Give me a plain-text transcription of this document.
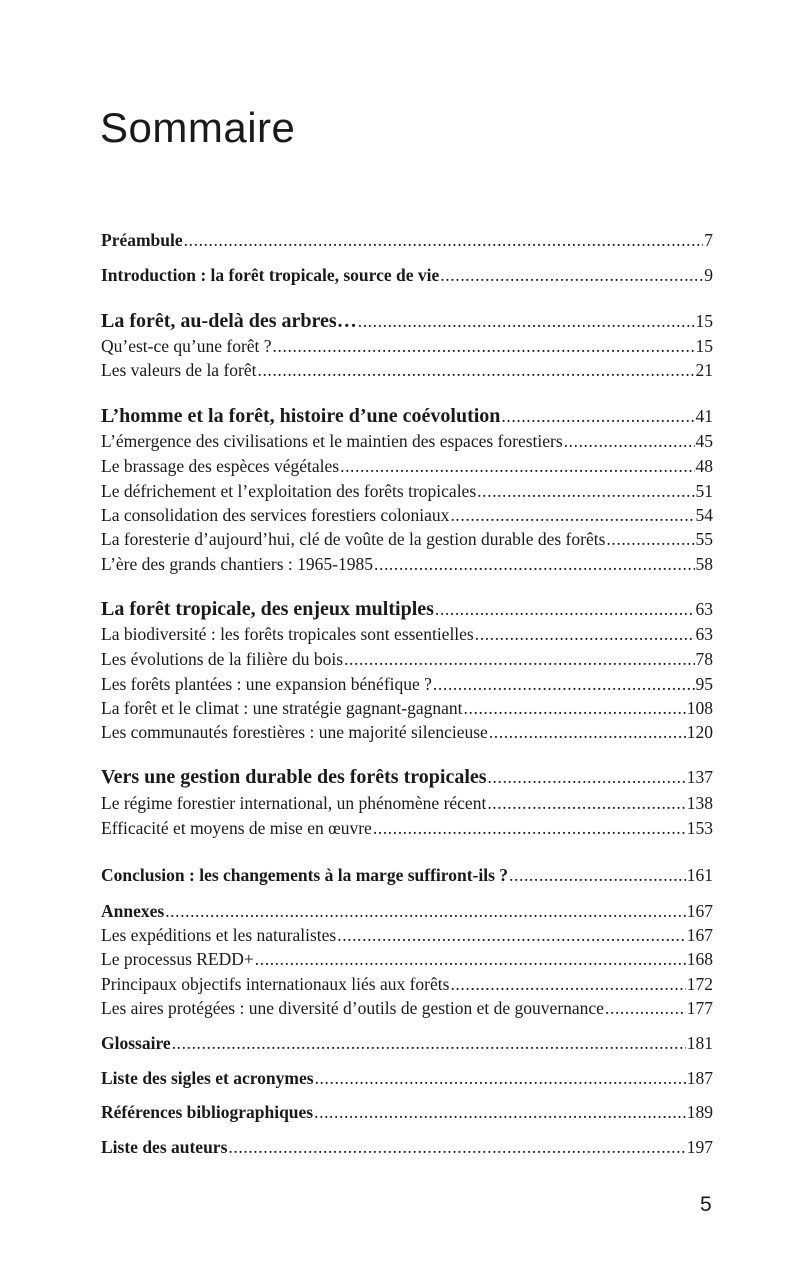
Sommaire
Préambule .....	7
Introduction : la forêt tropicale, source de vie .....	9
La forêt, au-delà des arbres… .....	15
Qu’est-ce qu’une forêt ? .....	15
Les valeurs de la forêt .....	21
L’homme et la forêt, histoire d’une coévolution .....	41
L’émergence des civilisations et le maintien des espaces forestiers .....	45
Le brassage des espèces végétales .....	48
Le défrichement et l’exploitation des forêts tropicales .....	51
La consolidation des services forestiers coloniaux .....	54
La foresterie d’aujourd’hui, clé de voûte de la gestion durable des forêts .....	55
L’ère des grands chantiers : 1965-1985 .....	58
La forêt tropicale, des enjeux multiples .....	63
La biodiversité : les forêts tropicales sont essentielles .....	63
Les évolutions de la filière du bois .....	78
Les forêts plantées : une expansion bénéfique ? .....	95
La forêt et le climat : une stratégie gagnant-gagnant .....	108
Les communautés forestières : une majorité silencieuse .....	120
Vers une gestion durable des forêts tropicales .....	137
Le régime forestier international, un phénomène récent .....	138
Efficacité et moyens de mise en œuvre .....	153
Conclusion : les changements à la marge suffiront-ils ? .....	161
Annexes .....	167
Les expéditions et les naturalistes .....	167
Le processus REDD+ .....	168
Principaux objectifs internationaux liés aux forêts .....	172
Les aires protégées : une diversité d’outils de gestion et de gouvernance .....	177
Glossaire .....	181
Liste des sigles et acronymes .....	187
Références bibliographiques .....	189
Liste des auteurs .....	197
5
